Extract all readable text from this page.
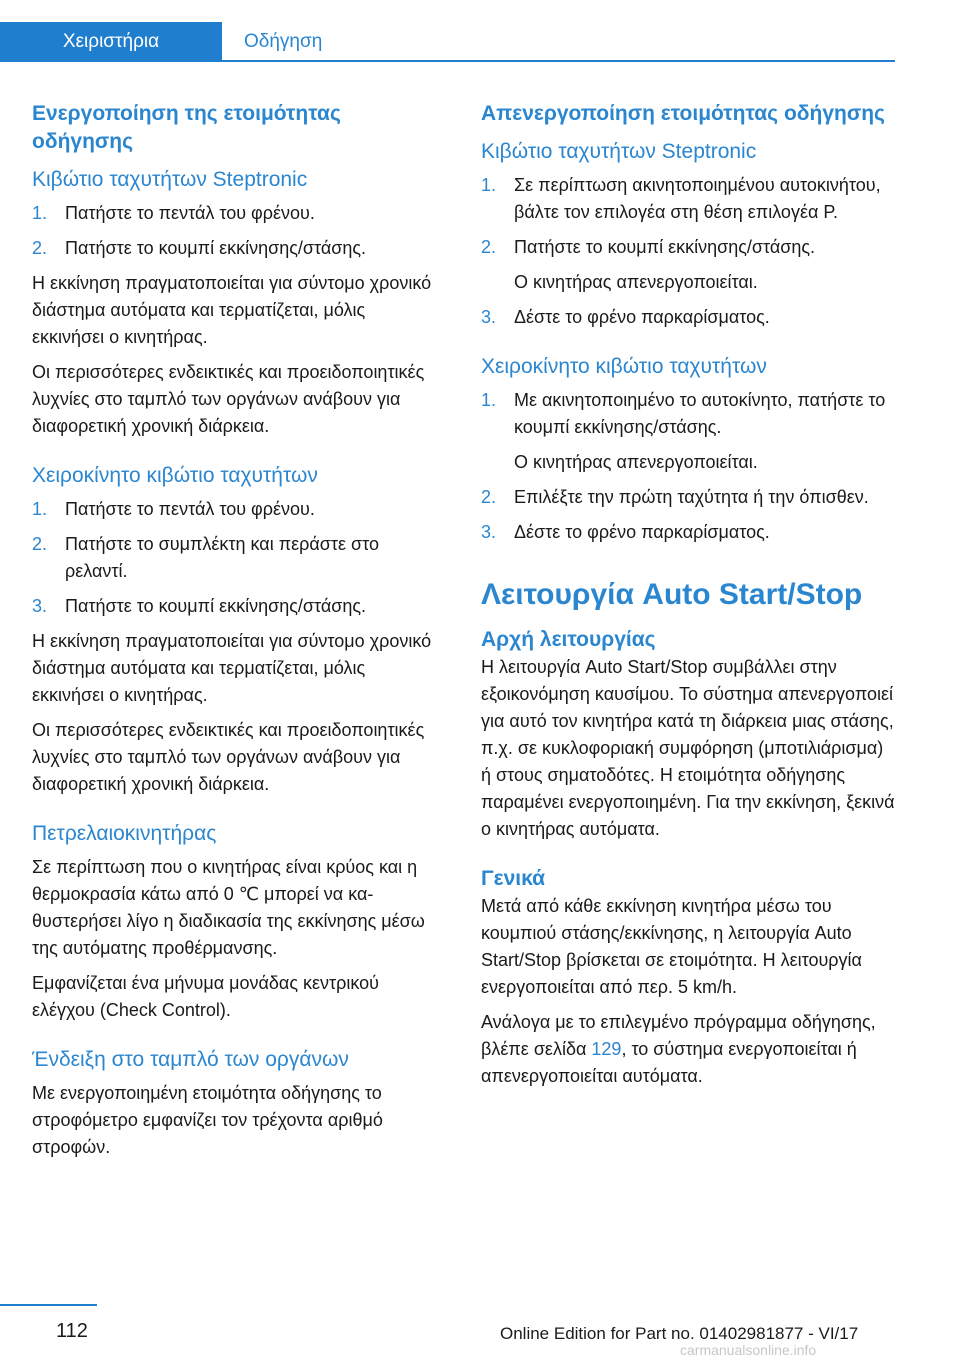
Χειριστήρια	Οδήγηση
Ενεργοποίηση της ετοιμότητας οδήγησης
Κιβώτιο ταχυτήτων Steptronic
1. Πατήστε το πεντάλ του φρένου.
2. Πατήστε το κουμπί εκκίνησης/στάσης.

Η εκκίνηση πραγματοποιείται για σύντομο χρονικό διάστημα αυτόματα και τερματίζεται, μόλις εκκινήσει ο κινητήρας.

Οι περισσότερες ενδεικτικές και προειδοποιητικές λυχνίες στο ταμπλό των οργάνων ανάβουν για διαφορετική χρονική διάρκεια.

Χειροκίνητο κιβώτιο ταχυτήτων
1. Πατήστε το πεντάλ του φρένου.
2. Πατήστε το συμπλέκτη και περάστε στο ρελαντί.
3. Πατήστε το κουμπί εκκίνησης/στάσης.

Η εκκίνηση πραγματοποιείται για σύντομο χρονικό διάστημα αυτόματα και τερματίζεται, μόλις εκκινήσει ο κινητήρας.

Οι περισσότερες ενδεικτικές και προειδοποιητικές λυχνίες στο ταμπλό των οργάνων ανάβουν για διαφορετική χρονική διάρκεια.

Πετρελαιοκινητήρας

Σε περίπτωση που ο κινητήρας είναι κρύος και η θερμοκρασία κάτω από 0 ℃ μπορεί να καθυστερήσει λίγο η διαδικασία της εκκίνησης μέσω της αυτόματης προθέρμανσης.

Εμφανίζεται ένα μήνυμα μονάδας κεντρικού ελέγχου (Check Control).

Ένδειξη στο ταμπλό των οργάνων

Με ενεργοποιημένη ετοιμότητα οδήγησης το στροφόμετρο εμφανίζει τον τρέχοντα αριθμό στροφών.

Απενεργοποίηση ετοιμότητας οδήγησης
Κιβώτιο ταχυτήτων Steptronic
1. Σε περίπτωση ακινητοποιημένου αυτοκινήτου, βάλτε τον επιλογέα στη θέση επιλογέα P.
2. Πατήστε το κουμπί εκκίνησης/στάσης.
Ο κινητήρας απενεργοποιείται.
3. Δέστε το φρένο παρκαρίσματος.
Χειροκίνητο κιβώτιο ταχυτήτων
1. Με ακινητοποιημένο το αυτοκίνητο, πατήστε το κουμπί εκκίνησης/στάσης.
Ο κινητήρας απενεργοποιείται.
2. Επιλέξτε την πρώτη ταχύτητα ή την όπισθεν.
3. Δέστε το φρένο παρκαρίσματος.
Λειτουργία Auto Start/Stop
Αρχή λειτουργίας

Η λειτουργία Auto Start/Stop συμβάλλει στην εξοικονόμηση καυσίμου. Το σύστημα απενεργοποιεί για αυτό τον κινητήρα κατά τη διάρκεια μιας στάσης, π.χ. σε κυκλοφοριακή συμφόρηση (μποτιλιάρισμα) ή στους σηματοδότες. Η ετοιμότητα οδήγησης παραμένει ενεργοποιημένη. Για την εκκίνηση, ξεκινά ο κινητήρας αυτόματα.

Γενικά

Μετά από κάθε εκκίνηση κινητήρα μέσω του κουμπιού στάσης/εκκίνησης, η λειτουργία Auto Start/Stop βρίσκεται σε ετοιμότητα. Η λειτουργία ενεργοποιείται από περ. 5 km/h.

Ανάλογα με το επιλεγμένο πρόγραμμα οδήγησης, βλέπε σελίδα 129, το σύστημα ενεργοποιείται ή απενεργοποιείται αυτόματα.

112	Online Edition for Part no. 01402981877 - VI/17
carmanualsonline.info
